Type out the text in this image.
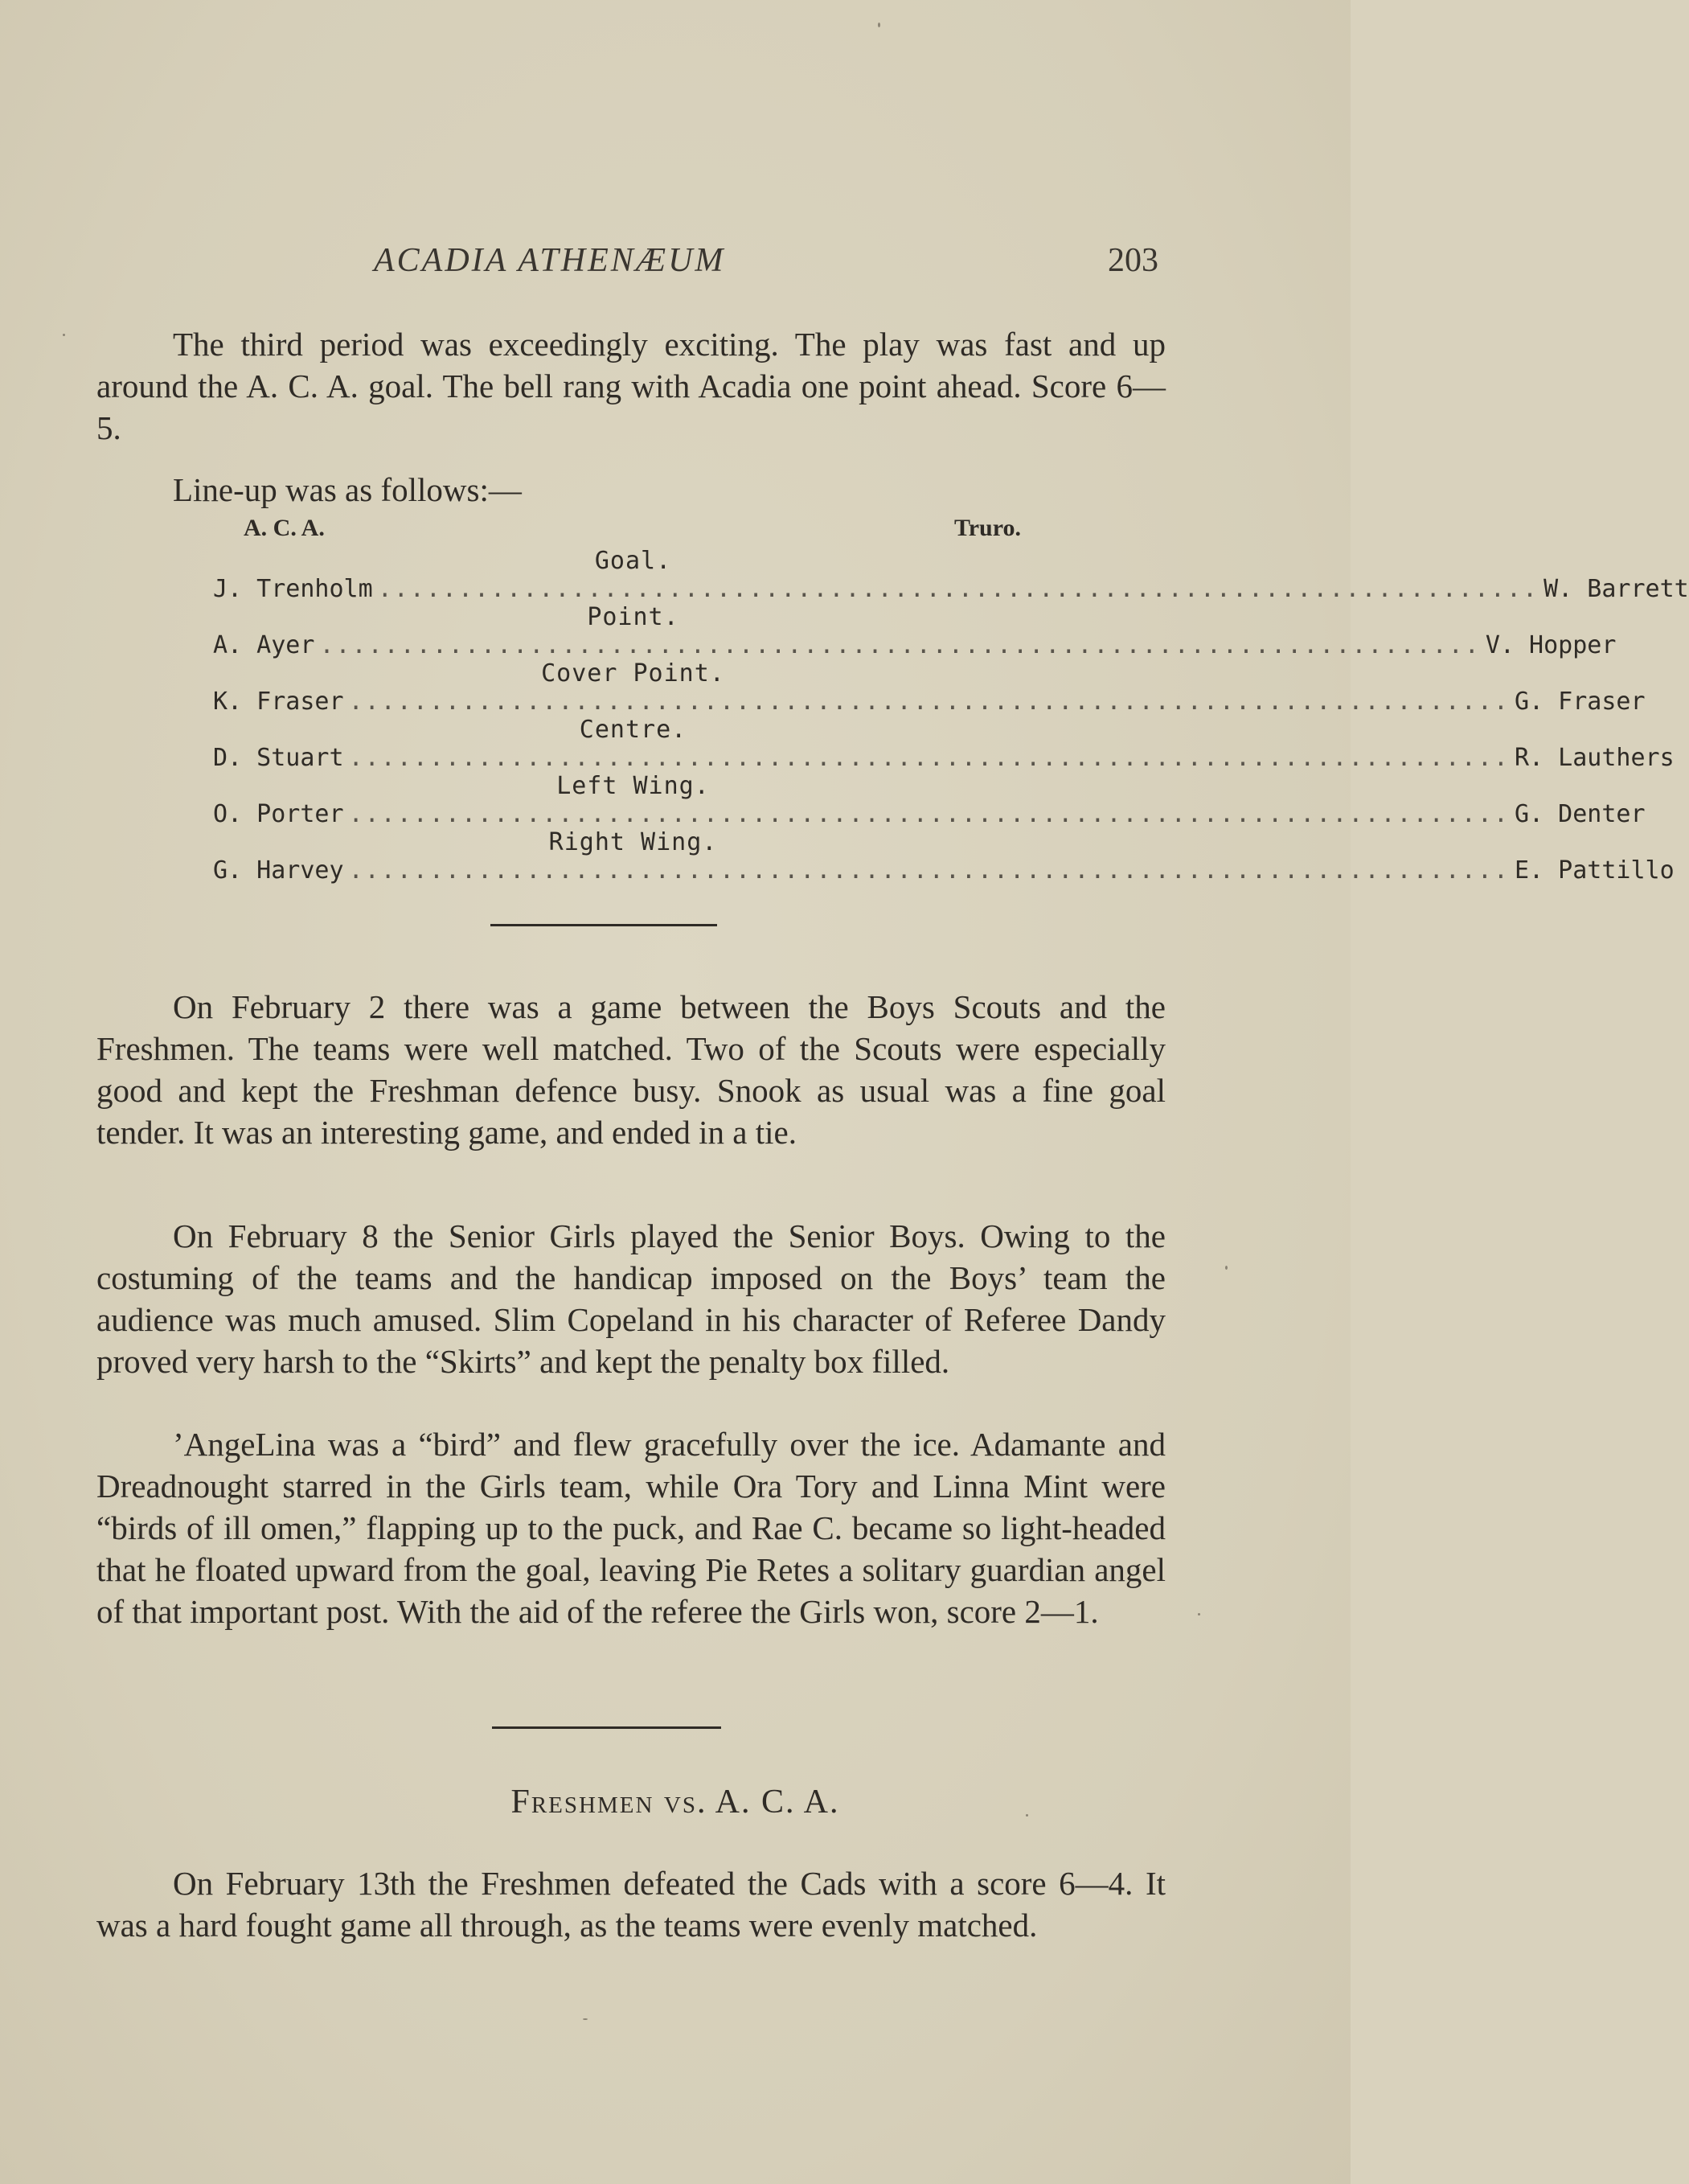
ACADIA ATHENÆUM	203

The third period was exceedingly exciting. The play was fast and up around the A. C. A. goal. The bell rang with Acadia one point ahead. Score 6—5.

Line-up was as follows:—
A. C. A.	Truro.
Goal.
J. Trenholm ........................................................................ W. Barrett
Point.
A. Ayer ........................................................................ V. Hopper
Cover Point.
K. Fraser ........................................................................ G. Fraser
Centre.
D. Stuart ........................................................................ R. Lauthers
Left Wing.
O. Porter ........................................................................ G. Denter
Right Wing.
G. Harvey ........................................................................ E. Pattillo

On February 2 there was a game between the Boys Scouts and the Freshmen. The teams were well matched. Two of the Scouts were especially good and kept the Freshman defence busy. Snook as usual was a fine goal tender. It was an interesting game, and ended in a tie.

On February 8 the Senior Girls played the Senior Boys. Owing to the costuming of the teams and the handicap imposed on the Boys’ team the audience was much amused. Slim Copeland in his character of Referee Dandy proved very harsh to the “Skirts” and kept the penalty box filled.

’AngeLina was a “bird” and flew gracefully over the ice. Adamante and Dreadnought starred in the Girls team, while Ora Tory and Linna Mint were “birds of ill omen,” flapping up to the puck, and Rae C. became so light-headed that he floated upward from the goal, leaving Pie Retes a solitary guardian angel of that important post. With the aid of the referee the Girls won, score 2—1.

Freshmen vs. A. C. A.

On February 13th the Freshmen defeated the Cads with a score 6—4. It was a hard fought game all through, as the teams were evenly matched.
